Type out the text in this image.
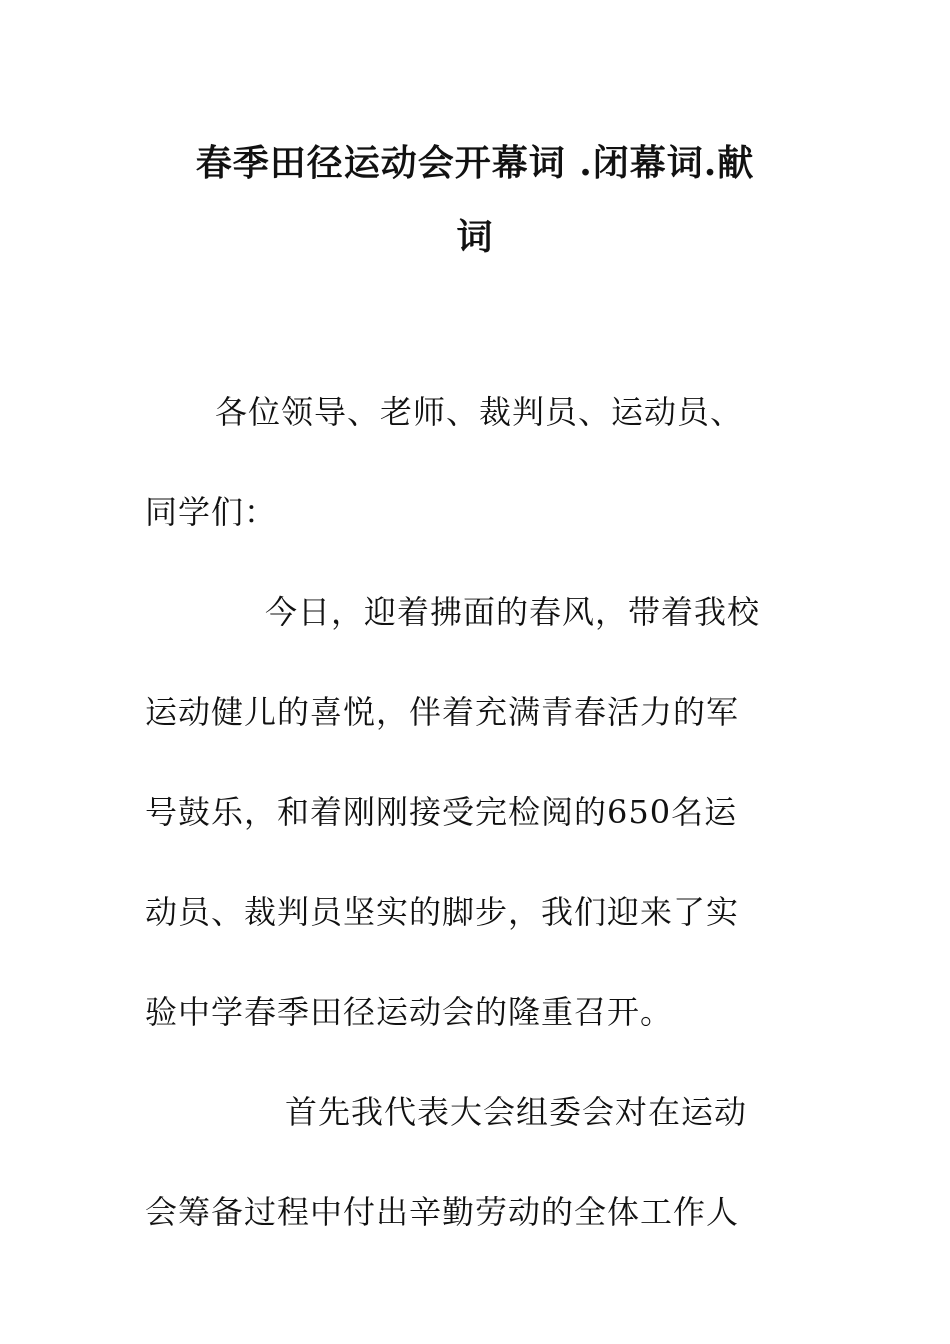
春季田径运动会开幕词 .闭幕词.献
词
各位领导、老师、裁判员、运动员、
同学们：
今日，迎着拂面的春风，带着我校
运动健儿的喜悦，伴着充满青春活力的军
号鼓乐，和着刚刚接受完检阅的650名运
动员、裁判员坚实的脚步，我们迎来了实
验中学春季田径运动会的隆重召开。
首先我代表大会组委会对在运动
会筹备过程中付出辛勤劳动的全体工作人
